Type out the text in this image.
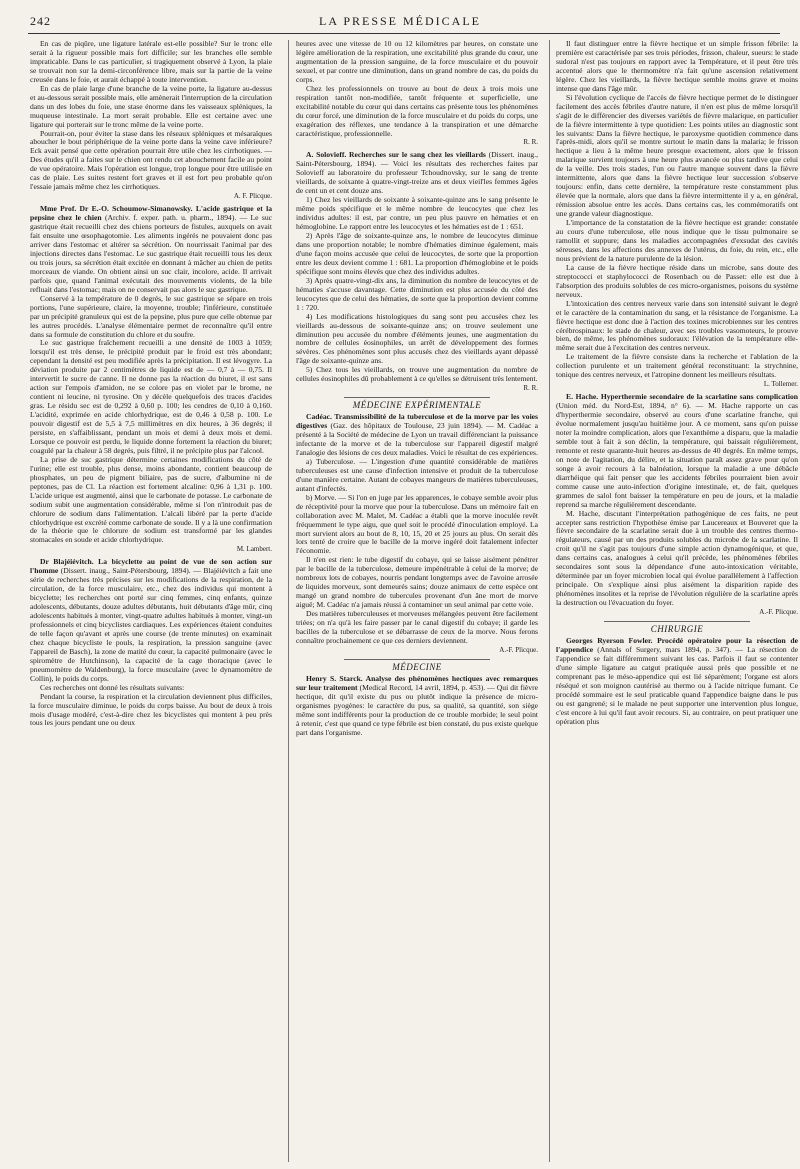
242	LA PRESSE MÉDICALE

En cas de piqûre, une ligature latérale est-elle possible? Sur le tronc elle serait à la rigueur possible mais fort difficile; sur les branches elle semble impraticable. Dans le cas particulier, si tragiquement observé à Lyon, la plaie se trouvait non sur la demi-circonférence libre, mais sur la partie de la veine creusée dans le foie, et aurait échappé à toute intervention.

En cas de plaie large d'une branche de la veine porte, la ligature au-dessus et au-dessous serait possible mais, elle amènerait l'interruption de la circulation dans un des lobes du foie, une stase énorme dans les vaisseaux spléniques, la muqueuse intestinale. La mort serait probable. Elle est certaine avec une ligature qui porterait sur le tronc même de la veine porte.

Pourrait-on, pour éviter la stase dans les réseaux spléniques et mésaraïques aboucher le bout périphérique de la veine porte dans la veine cave inférieure? Eck avait pensé que cette opération pourrait être utile chez les cirrhotiques. — Des études qu'il a faites sur le chien ont rendu cet abouchement facile au point de vue opératoire. Mais l'opération est longue, trop longue pour être utilisée en cas de plaie. Les suites restent fort graves et il est fort peu probable qu'on l'essaie jamais même chez les cirrhotiques.

A. F. Plicque.

Mme Prof. Dr E.-O. Schoumow-Simanowsky. L'acide gastrique et la pepsine chez le chien (Archiv. f. exper. path. u. pharm., 1894). — Le suc gastrique était recueilli chez des chiens porteurs de fistules, auxquels on avait fait ensuite une œsophagotomie. Les aliments ingérés ne pouvaient donc pas arriver dans l'estomac et altérer sa sécrétion. On nourrissait l'animal par des injections directes dans l'estomac. Le suc gastrique était recueilli tous les deux ou trois jours, sa sécrétion était excitée en donnant à mâcher au chien de petits morceaux de viande. On obtient ainsi un suc clair, incolore, acide. Il arrivait parfois que, quand l'animal exécutait des mouvements violents, de la bile refluait dans l'estomac; mais on ne conservait pas alors le suc gastrique.

Conservé à la température de 0 degrés, le suc gastrique se sépare en trois portions, l'une supérieure, claire, la moyenne, trouble; l'inférieure, constituée par un précipité granuleux qui est de la pepsine, plus pure que celle obtenue par les autres procédés. L'analyse élémentaire permet de reconnaître qu'il entre dans sa formule de constitution du chlore et du soufre.

Le suc gastrique fraîchement recueilli a une densité de 1003 à 1059; lorsqu'il est très dense, le précipité produit par le froid est très abondant; cependant la densité est peu modifiée après la précipitation. Il est lévogyre. La déviation produite par 2 centimètres de liquide est de — 0,7 à — 0,75. Il intervertit le sucre de canne. Il ne donne pas la réaction du biuret, il est sans action sur l'empois d'amidon, ne se colore pas en violet par le brome, ne contient ni leucine, ni tyrosine. On y décèle quelquefois des traces d'acides gras. Le résidu sec est de 0,292 à 0,60 p. 100; les cendres de 0,10 à 0,160. L'acidité, exprimée en acide chlorhydrique, est de 0,46 à 0,58 p. 100. Le pouvoir digestif est de 5,5 à 7,5 millimètres en dix heures, à 36 degrés; il persiste, en s'affaiblissant, pendant un mois et demi à deux mois et demi. Lorsque ce pouvoir est perdu, le liquide donne fortement la réaction du biuret; coagulé par la chaleur à 58 degrés, puis filtré, il ne précipite plus par l'alcool.

La prise de suc gastrique détermine certaines modifications du côté de l'urine; elle est trouble, plus dense, moins abondante, contient beaucoup de phosphates, un peu de pigment biliaire, pas de sucre, d'albumine ni de peptones, pas de Cl. La réaction est fortement alcaline: 0,96 à 1,31 p. 100. L'acide urique est augmenté, ainsi que le carbonate de potasse. Le carbonate de sodium subit une augmentation considérable, même si l'on n'introduit pas de chlorure de sodium dans l'alimentation. L'alcali libéré par la perte d'acide chlorhydrique est excrété comme carbonate de soude. Il y a là une confirmation de la théorie que le chlorure de sodium est transformé par les glandes stomacales en soude et acide chlorhydrique.

M. Lambert.

Dr Blajéiévitch. La bicyclette au point de vue de son action sur l'homme (Dissert. inaug., Saint-Pétersbourg, 1894). — Blajéiévitch a fait une série de recherches très précises sur les modifications de la respiration, de la circulation, de la force musculaire, etc., chez des individus qui montent à bicyclette; les recherches ont porté sur cinq femmes, cinq enfants, quinze adolescents, débutants, douze adultes débutants, huit débutants d'âge mûr, cinq adolescents habitués à monter, vingt-quatre adultes habitués à monter, vingt-un professionnels et cinq bicyclistes cardiaques. Les expériences étaient conduites de telle façon qu'avant et après une course (de trente minutes) on examinait chez chaque bicycliste le pouls, la respiration, la pression sanguine (avec l'appareil de Basch), la zone de matité du cœur, la capacité pulmonaire (avec le spiromètre de Hutchinson), la capacité de la cage thoracique (avec le pneumomètre de Waldenburg), la force musculaire (avec le dynamomètre de Collin), le poids du corps.

Ces recherches ont donné les résultats suivants:

Pendant la course, la respiration et la circulation deviennent plus difficiles, la force musculaire diminue, le poids du corps baisse. Au bout de deux à trois mois d'usage modéré, c'est-à-dire chez les bicyclistes qui montent à peu près tous les jours pendant une ou deux

heures avec une vitesse de 10 ou 12 kilomètres par heures, on constate une légère amélioration de la respiration, une excitabilité plus grande du cœur, une augmentation de la pression sanguine, de la force musculaire et du pouvoir sexuel, et par contre une diminution, dans un grand nombre de cas, du poids du corps.

Chez les professionnels on trouve au bout de deux à trois mois une respiration tantôt non-modifiée, tantôt fréquente et superficielle, une excitabilité notable du cœur qui dans certains cas présente tous les phénomènes du cœur forcé, une diminution de la force musculaire et du poids du corps, une exagération des réflexes, une tendance à la transpiration et une démarche caractéristique, professionnelle.

R. R.

A. Solovieff. Recherches sur le sang chez les vieillards (Dissert. inaug., Saint-Pétersbourg, 1894). — Voici les résultats des recherches faites par Solovieff au laboratoire du professeur Tchoudnovsky, sur le sang de trente vieillards, de soixante à quatre-vingt-treize ans et deux vieil'les femmes âgées de cent un et cent douze ans.

1) Chez les vieillards de soixante à soixante-quinze ans le sang présente le même poids spécifique et le même nombre de leucocytes que chez les individus adultes: il est, par contre, un peu plus pauvre en hématies et en hémoglobine. Le rapport entre les leucocytes et les hématies est de 1 : 651.

2) Après l'âge de soixante-quinze ans, le nombre de leucocytes diminue dans une proportion notable; le nombre d'hématies diminue également, mais d'une façon moins accusée que celui de leucocytes, de sorte que la proportion entre les deux devient comme 1 : 681. La proportion d'hémoglobine et le poids spécifique sont moins élevés que chez des individus adultes.

3) Après quatre-vingt-dix ans, la diminution du nombre de leucocytes et de hématies s'accuse davantage. Cette diminution est plus accusée du côté des leucocytes que de celui des hématies, de sorte que la proportion devient comme 1 : 720.

4) Les modifications histologiques du sang sont peu accusées chez les vieillards au-dessous de soixante-quinze ans; on trouve seulement une diminution peu accusée du nombre d'éléments jeunes, une augmentation du nombre de cellules éosinophiles, un arrêt de développement des formes sévères. Ces phénomènes sont plus accusés chez des vieillards ayant dépassé l'âge de soixante-quinze ans.

5) Chez tous les vieillards, on trouve une augmentation du nombre de cellules éosinophiles dû probablement à ce qu'elles se détruisent très lentement.

R. R.

MÉDECINE EXPÉRIMENTALE

Cadéac. Transmissibilité de la tuberculose et de la morve par les voies digestives (Gaz. des hôpitaux de Toulouse, 23 juin 1894). — M. Cadéac a présenté à la Société de médecine de Lyon un travail différenciant la puissance infectante de la morve et de la tuberculose sur l'appareil digestif malgré l'analogie des lésions de ces deux maladies. Voici le résultat de ces expériences.

a) Tuberculose. — L'ingestion d'une quantité considérable de matières tuberculeuses est une cause d'infection intensive et produit de la tuberculose d'une manière certaine. Autant de cobayes mangeurs de matières tuberculeuses, autant d'infectés.

b) Morve. — Si l'on en juge par les apparences, le cobaye semble avoir plus de réceptivité pour la morve que pour la tuberculose. Dans un mémoire fait en collaboration avec M. Malet, M. Cadéac a établi que la morve inoculée revêt fréquemment le type aigu, que quel soit le procédé d'inoculation employé. La mort survient alors au bout de 8, 10, 15, 20 et 25 jours au plus. On serait dès lors tenté de croire que le bacille de la morve ingéré doit fatalement infecter l'économie.

Il n'en est rien: le tube digestif du cobaye, qui se laisse aisément pénétrer par le bacille de la tuberculose, demeure impénétrable à celui de la morve; de nombreux lots de cobayes, nourris pendant longtemps avec de l'avoine arrosée de liquides morveux, sont demeurés sains; douze animaux de cette espèce ont mangé un grand nombre de tubercules provenant d'un âne mort de morve aiguë; M. Cadéac n'a jamais réussi à contaminer un seul animal par cette voie.

Des matières tuberculeuses et morveuses mélangées peuvent être facilement triées; on n'a qu'à les faire passer par le canal digestif du cobaye; il garde les bacilles de la tuberculose et se débarrasse de ceux de la morve. Nous ferons connaître prochainement ce que ces derniers deviennent.

A.-F. Plicque.

MÉDECINE

Henry S. Starck. Analyse des phénomènes hectiques avec remarques sur leur traitement (Medical Record, 14 avril, 1894, p. 453). — Qui dit fièvre hectique, dit qu'il existe du pus ou plutôt indique la présence de micro-organismes pyogènes: le caractère du pus, sa qualité, sa quantité, son siège même sont indifférents pour la production de ce trouble morbide; le seul point à retenir, c'est que quand ce type fébrile est bien constaté, du pus existe quelque part dans l'organisme.

Il faut distinguer entre la fièvre hectique et un simple frisson fébrile: la première est caractérisée par ses trois périodes, frisson, chaleur, sueurs: le stade sudoral n'est pas toujours en rapport avec la Température, et il peut être très accentué alors que le thermomètre n'a fait qu'une ascension relativement légère. Chez les vieillards, la fièvre hectique semble moins grave et moins intense que dans l'âge mûr.

Si l'évolution cyclique de l'accès de fièvre hectique permet de le distinguer facilement des accès fébriles d'autre nature, il n'en est plus de même lorsqu'il s'agit de le différencier des diverses variétés de fièvre malarique, en particulier de la fièvre intermittente à type quotidien: Les points utiles au diagnostic sont les suivants: Dans la fièvre hectique, le paroxysme quotidien commence dans l'après-midi, alors qu'il se montre surtout le matin dans la malaria; le frisson hectique a lieu à la même heure presque exactement, alors que le frisson malarique survient toujours à une heure plus avancée ou plus tardive que celui de la veille. Des trois stades, l'un ou l'autre manque souvent dans la fièvre intermittente, alors que dans la fièvre hectique leur succession s'observe toujours: enfin, dans cette dernière, la température reste constamment plus élevée que la normale, alors que dans la fièvre intermittente il y a, en général, rémission absolue entre les accès. Dans certains cas, les commémoratifs ont une grande valeur diagnostique.

L'importance de la constatation de la fièvre hectique est grande: constatée au cours d'une tuberculose, elle nous indique que le tissu pulmonaire se ramollit et suppure; dans les maladies accompagnées d'exsudat des cavités séreuses, dans les affections des annexes de l'utérus, du foie, du rein, etc., elle nous prévient de la nature purulente de la lésion.

La cause de la fièvre hectique réside dans un microbe, sans doute des streptococci et staphylococci de Rosenbach ou de Passet: elle est due à l'absorption des produits solubles de ces micro-organismes, poisons du système nerveux.

L'intoxication des centres nerveux varie dans son intensité suivant le degré et le caractère de la contamination du sang, et la résistance de l'organisme. La fièvre hectique est donc due à l'action des toxines microbiennes sur les centres cérébrospinaux: le stade de chaleur, avec ses troubles vasomoteurs, le prouve bien, de même, les phénomènes sudoraux: l'élévation de la température elle-même serait due à l'excitation des centres nerveux.

Le traitement de la fièvre consiste dans la recherche et l'ablation de la collection purulente et un traitement général reconstituant: la strychnine, tonique des centres nerveux, et l'atropine donnent les meilleurs résultats.

L. Tollemer.

E. Hache. Hyperthermie secondaire de la scarlatine sans complication (Union méd. du Nord-Est, 1894, n° 6). — M. Hache rapporte un cas d'hyperthermie secondaire, observé au cours d'une scarlatine franche, qui évolue normalement jusqu'au huitième jour. A ce moment, sans qu'on puisse noter la moindre complication, alors que l'exanthème a disparu, que la maladie semble tout à fait à son déclin, la température, qui baissait régulièrement, remonte et reste quarante-huit heures au-dessus de 40 degrés. En même temps, on note de l'agitation, du délire, et la situation paraît assez grave pour qu'on songe à avoir recours à la balnéation, lorsque la maladie a une débâcle diarrhéique qui fait penser que les accidents fébriles pourraient bien avoir comme cause une auto-infection d'origine intestinale, et, de fait, quelques grammes de salol font baisser la température en peu de jours, et la maladie reprend sa marche régulièrement descendante.

M. Hache, discutant l'interprétation pathogénique de ces faits, ne peut accepter sans restriction l'hypothèse émise par Laucereaux et Bouveret que la fièvre secondaire de la scarlatine serait due à un trouble des centres thermo-régulateurs, causé par un des produits solubles du microbe de la scarlatine. Il croit qu'il ne s'agit pas toujours d'une simple action dynamogénique, et que, dans certains cas, analogues à celui qu'il précède, les phénomènes fébriles secondaires sont sous la dépendance d'une auto-intoxication véritable, déterminée par un foyer microbien local qui évolue parallèlement à l'affection principale. On s'explique ainsi plus aisément la disparition rapide des phénomènes insolites et la reprise de l'évolution régulière de la scarlatine après la destruction ou l'évacuation du foyer.

A.-F. Plicque.

CHIRURGIE

Georges Ryerson Fowler. Procédé opératoire pour la résection de l'appendice (Annals of Surgery, mars 1894, p. 347). — La résection de l'appendice se fait différemment suivant les cas. Parfois il faut se contenter d'une simple ligature au catgut pratiquée aussi près que possible et ne comprenant pas le méso-appendice qui est lié séparément; l'organe est alors réséqué et son moignon cautérisé au thermo ou à l'acide nitrique fumant. Ce procédé sommaire est le seul praticable quand l'appendice baigne dans le pus ou est gangrené; si le malade ne peut supporter une intervention plus longue, c'est encore à lui qu'il faut avoir recours. Si, au contraire, on peut pratiquer une opération plus
